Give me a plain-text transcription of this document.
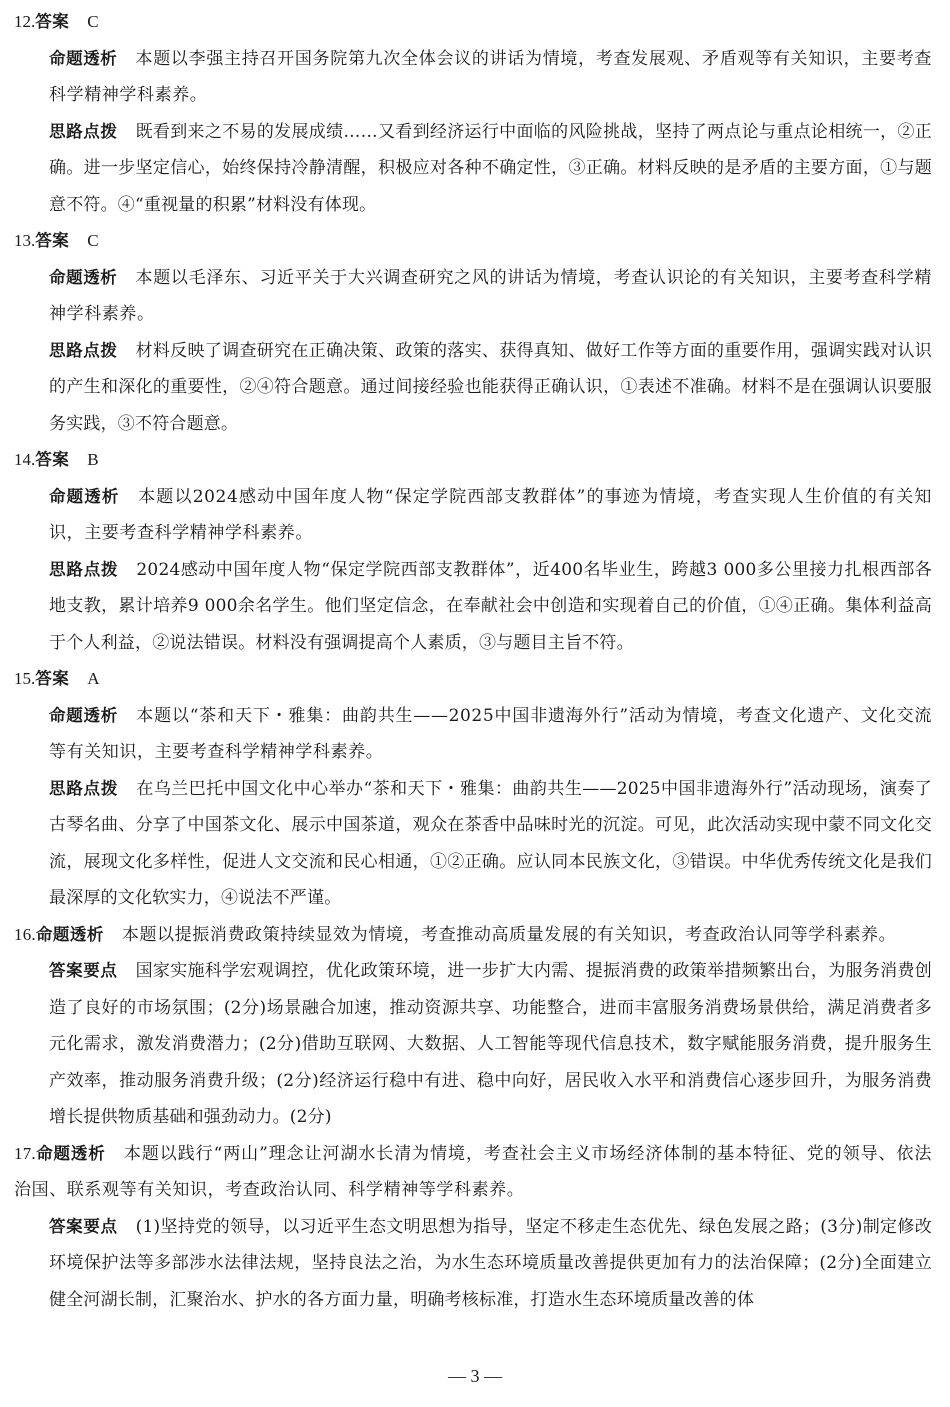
12.答案 C

命题透析 本题以李强主持召开国务院第九次全体会议的讲话为情境，考查发展观、矛盾观等有关知识，主要考查科学精神学科素养。

思路点拨 既看到来之不易的发展成绩……又看到经济运行中面临的风险挑战，坚持了两点论与重点论相统一，②正确。进一步坚定信心，始终保持冷静清醒，积极应对各种不确定性，③正确。材料反映的是矛盾的主要方面，①与题意不符。④“重视量的积累”材料没有体现。

13.答案 C

命题透析 本题以毛泽东、习近平关于大兴调查研究之风的讲话为情境，考查认识论的有关知识，主要考查科学精神学科素养。

思路点拨 材料反映了调查研究在正确决策、政策的落实、获得真知、做好工作等方面的重要作用，强调实践对认识的产生和深化的重要性，②④符合题意。通过间接经验也能获得正确认识，①表述不准确。材料不是在强调认识要服务实践，③不符合题意。

14.答案 B

命题透析 本题以2024感动中国年度人物“保定学院西部支教群体”的事迹为情境，考查实现人生价值的有关知识，主要考查科学精神学科素养。

思路点拨 2024感动中国年度人物“保定学院西部支教群体”，近400名毕业生，跨越3 000多公里接力扎根西部各地支教，累计培养9 000余名学生。他们坚定信念，在奉献社会中创造和实现着自己的价值，①④正确。集体利益高于个人利益，②说法错误。材料没有强调提高个人素质，③与题目主旨不符。

15.答案 A

命题透析 本题以“茶和天下・雅集：曲韵共生——2025中国非遗海外行”活动为情境，考查文化遗产、文化交流等有关知识，主要考查科学精神学科素养。

思路点拨 在乌兰巴托中国文化中心举办“茶和天下・雅集：曲韵共生——2025中国非遗海外行”活动现场，演奏了古琴名曲、分享了中国茶文化、展示中国茶道，观众在茶香中品味时光的沉淀。可见，此次活动实现中蒙不同文化交流，展现文化多样性，促进人文交流和民心相通，①②正确。应认同本民族文化，③错误。中华优秀传统文化是我们最深厚的文化软实力，④说法不严谨。

16.命题透析 本题以提振消费政策持续显效为情境，考查推动高质量发展的有关知识，考查政治认同等学科素养。

答案要点 国家实施科学宏观调控，优化政策环境，进一步扩大内需、提振消费的政策举措频繁出台，为服务消费创造了良好的市场氛围；(2分)场景融合加速，推动资源共享、功能整合，进而丰富服务消费场景供给，满足消费者多元化需求，激发消费潜力；(2分)借助互联网、大数据、人工智能等现代信息技术，数字赋能服务消费，提升服务生产效率，推动服务消费升级；(2分)经济运行稳中有进、稳中向好，居民收入水平和消费信心逐步回升，为服务消费增长提供物质基础和强劲动力。(2分)

17.命题透析 本题以践行“两山”理念让河湖水长清为情境，考查社会主义市场经济体制的基本特征、党的领导、依法治国、联系观等有关知识，考查政治认同、科学精神等学科素养。

答案要点 (1)坚持党的领导，以习近平生态文明思想为指导，坚定不移走生态优先、绿色发展之路；(3分)制定修改环境保护法等多部涉水法律法规，坚持良法之治，为水生态环境质量改善提供更加有力的法治保障；(2分)全面建立健全河湖长制，汇聚治水、护水的各方面力量，明确考核标准，打造水生态环境质量改善的体

— 3 —
